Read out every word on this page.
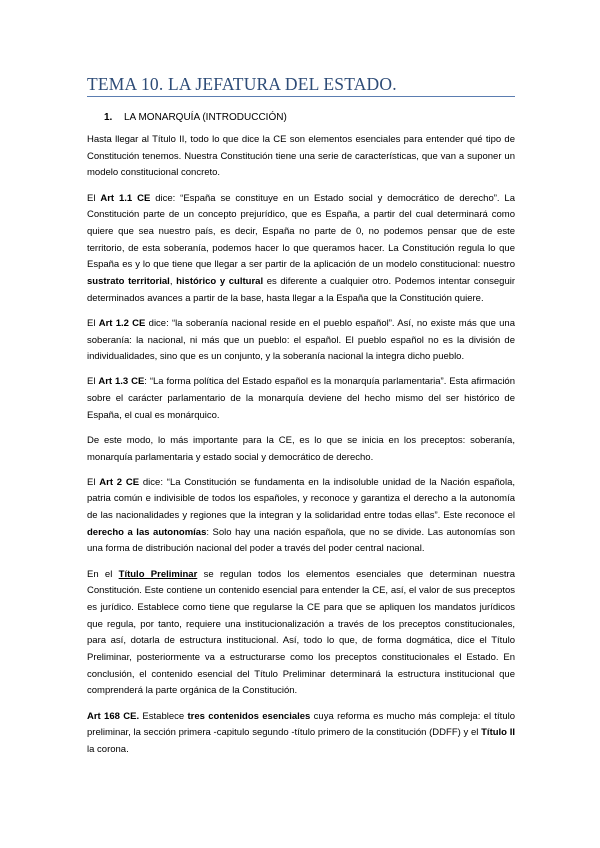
TEMA 10. LA JEFATURA DEL ESTADO.
1. LA MONARQUÍA (INTRODUCCIÓN)

Hasta llegar al Título II, todo lo que dice la CE son elementos esenciales para entender qué tipo de Constitución tenemos. Nuestra Constitución tiene una serie de características, que van a suponer un modelo constitucional concreto.

El Art 1.1 CE dice: “España se constituye en un Estado social y democrático de derecho”. La Constitución parte de un concepto prejurídico, que es España, a partir del cual determinará como quiere que sea nuestro país, es decir, España no parte de 0, no podemos pensar que de este territorio, de esta soberanía, podemos hacer lo que queramos hacer. La Constitución regula lo que España es y lo que tiene que llegar a ser partir de la aplicación de un modelo constitucional: nuestro sustrato territorial, histórico y cultural es diferente a cualquier otro. Podemos intentar conseguir determinados avances a partir de la base, hasta llegar a la España que la Constitución quiere.

El Art 1.2 CE dice: “la soberanía nacional reside en el pueblo español”. Así, no existe más que una soberanía: la nacional, ni más que un pueblo: el español. El pueblo español no es la división de individualidades, sino que es un conjunto, y la soberanía nacional la integra dicho pueblo.

El Art 1.3 CE: “La forma política del Estado español es la monarquía parlamentaria”. Esta afirmación sobre el carácter parlamentario de la monarquía deviene del hecho mismo del ser histórico de España, el cual es monárquico.

De este modo, lo más importante para la CE, es lo que se inicia en los preceptos: soberanía, monarquía parlamentaria y estado social y democrático de derecho.

El Art 2 CE dice: “La Constitución se fundamenta en la indisoluble unidad de la Nación española, patria común e indivisible de todos los españoles, y reconoce y garantiza el derecho a la autonomía de las nacionalidades y regiones que la integran y la solidaridad entre todas ellas”. Este reconoce el derecho a las autonomías: Solo hay una nación española, que no se divide. Las autonomías son una forma de distribución nacional del poder a través del poder central nacional.

En el Título Preliminar se regulan todos los elementos esenciales que determinan nuestra Constitución. Este contiene un contenido esencial para entender la CE, así, el valor de sus preceptos es jurídico. Establece como tiene que regularse la CE para que se apliquen los mandatos jurídicos que regula, por tanto, requiere una institucionalización a través de los preceptos constitucionales, para así, dotarla de estructura institucional. Así, todo lo que, de forma dogmática, dice el Título Preliminar, posteriormente va a estructurarse como los preceptos constitucionales el Estado. En conclusión, el contenido esencial del Título Preliminar determinará la estructura institucional que comprenderá la parte orgánica de la Constitución.

Art 168 CE. Establece tres contenidos esenciales cuya reforma es mucho más compleja: el título preliminar, la sección primera -capitulo segundo -título primero de la constitución (DDFF) y el Título II la corona.
